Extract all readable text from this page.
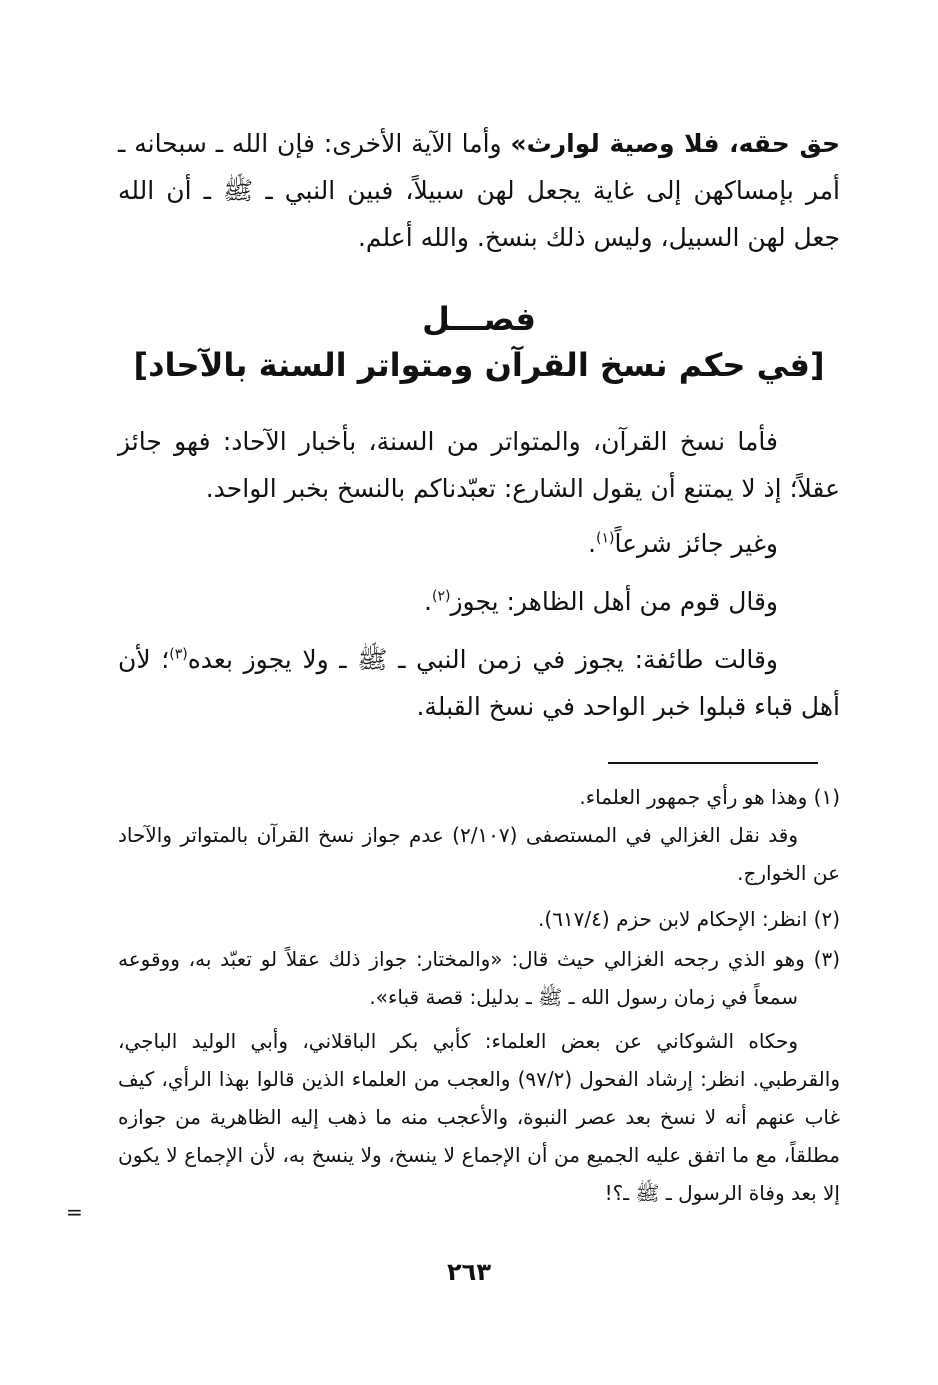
حق حقه، فلا وصية لوارث» وأما الآية الأخرى: فإن الله ـ سبحانه ـ أمر بإمساكهن إلى غاية يجعل لهن سبيلاً، فبين النبي ـ ﷺ ـ أن الله جعل لهن السبيل، وليس ذلك بنسخ. والله أعلم.

فصـــل
[في حكم نسخ القرآن ومتواتر السنة بالآحاد]

فأما نسخ القرآن، والمتواتر من السنة، بأخبار الآحاد: فهو جائز عقلاً؛ إذ لا يمتنع أن يقول الشارع: تعبّدناكم بالنسخ بخبر الواحد.

وغير جائز شرعاً$^{(١)}$.

وقال قوم من أهل الظاهر: يجوز$^{(٢)}$.

وقالت طائفة: يجوز في زمن النبي ـ ﷺ ـ ولا يجوز بعده$^{(٣)}$؛ لأن أهل قباء قبلوا خبر الواحد في نسخ القبلة.

(١) وهذا هو رأي جمهور العلماء.

وقد نقل الغزالي في المستصفى (٢/١٠٧) عدم جواز نسخ القرآن بالمتواتر والآحاد عن الخوارج.

(٢) انظر: الإحكام لابن حزم (٦١٧/٤).

(٣) وهو الذي رجحه الغزالي حيث قال: «والمختار: جواز ذلك عقلاً لو تعبّد به، ووقوعه سمعاً في زمان رسول الله ـ ﷺ ـ بدليل: قصة قباء».

وحكاه الشوكاني عن بعض العلماء: كأبي بكر الباقلاني، وأبي الوليد الباجي، والقرطبي. انظر: إرشاد الفحول (٩٧/٢) والعجب من العلماء الذين قالوا بهذا الرأي، كيف غاب عنهم أنه لا نسخ بعد عصر النبوة، والأعجب منه ما ذهب إليه الظاهرية من جوازه مطلقاً، مع ما اتفق عليه الجميع من أن الإجماع لا ينسخ، ولا ينسخ به، لأن الإجماع لا يكون إلا بعد وفاة الرسول ـ ﷺ ـ؟!

=
٢٦٣
